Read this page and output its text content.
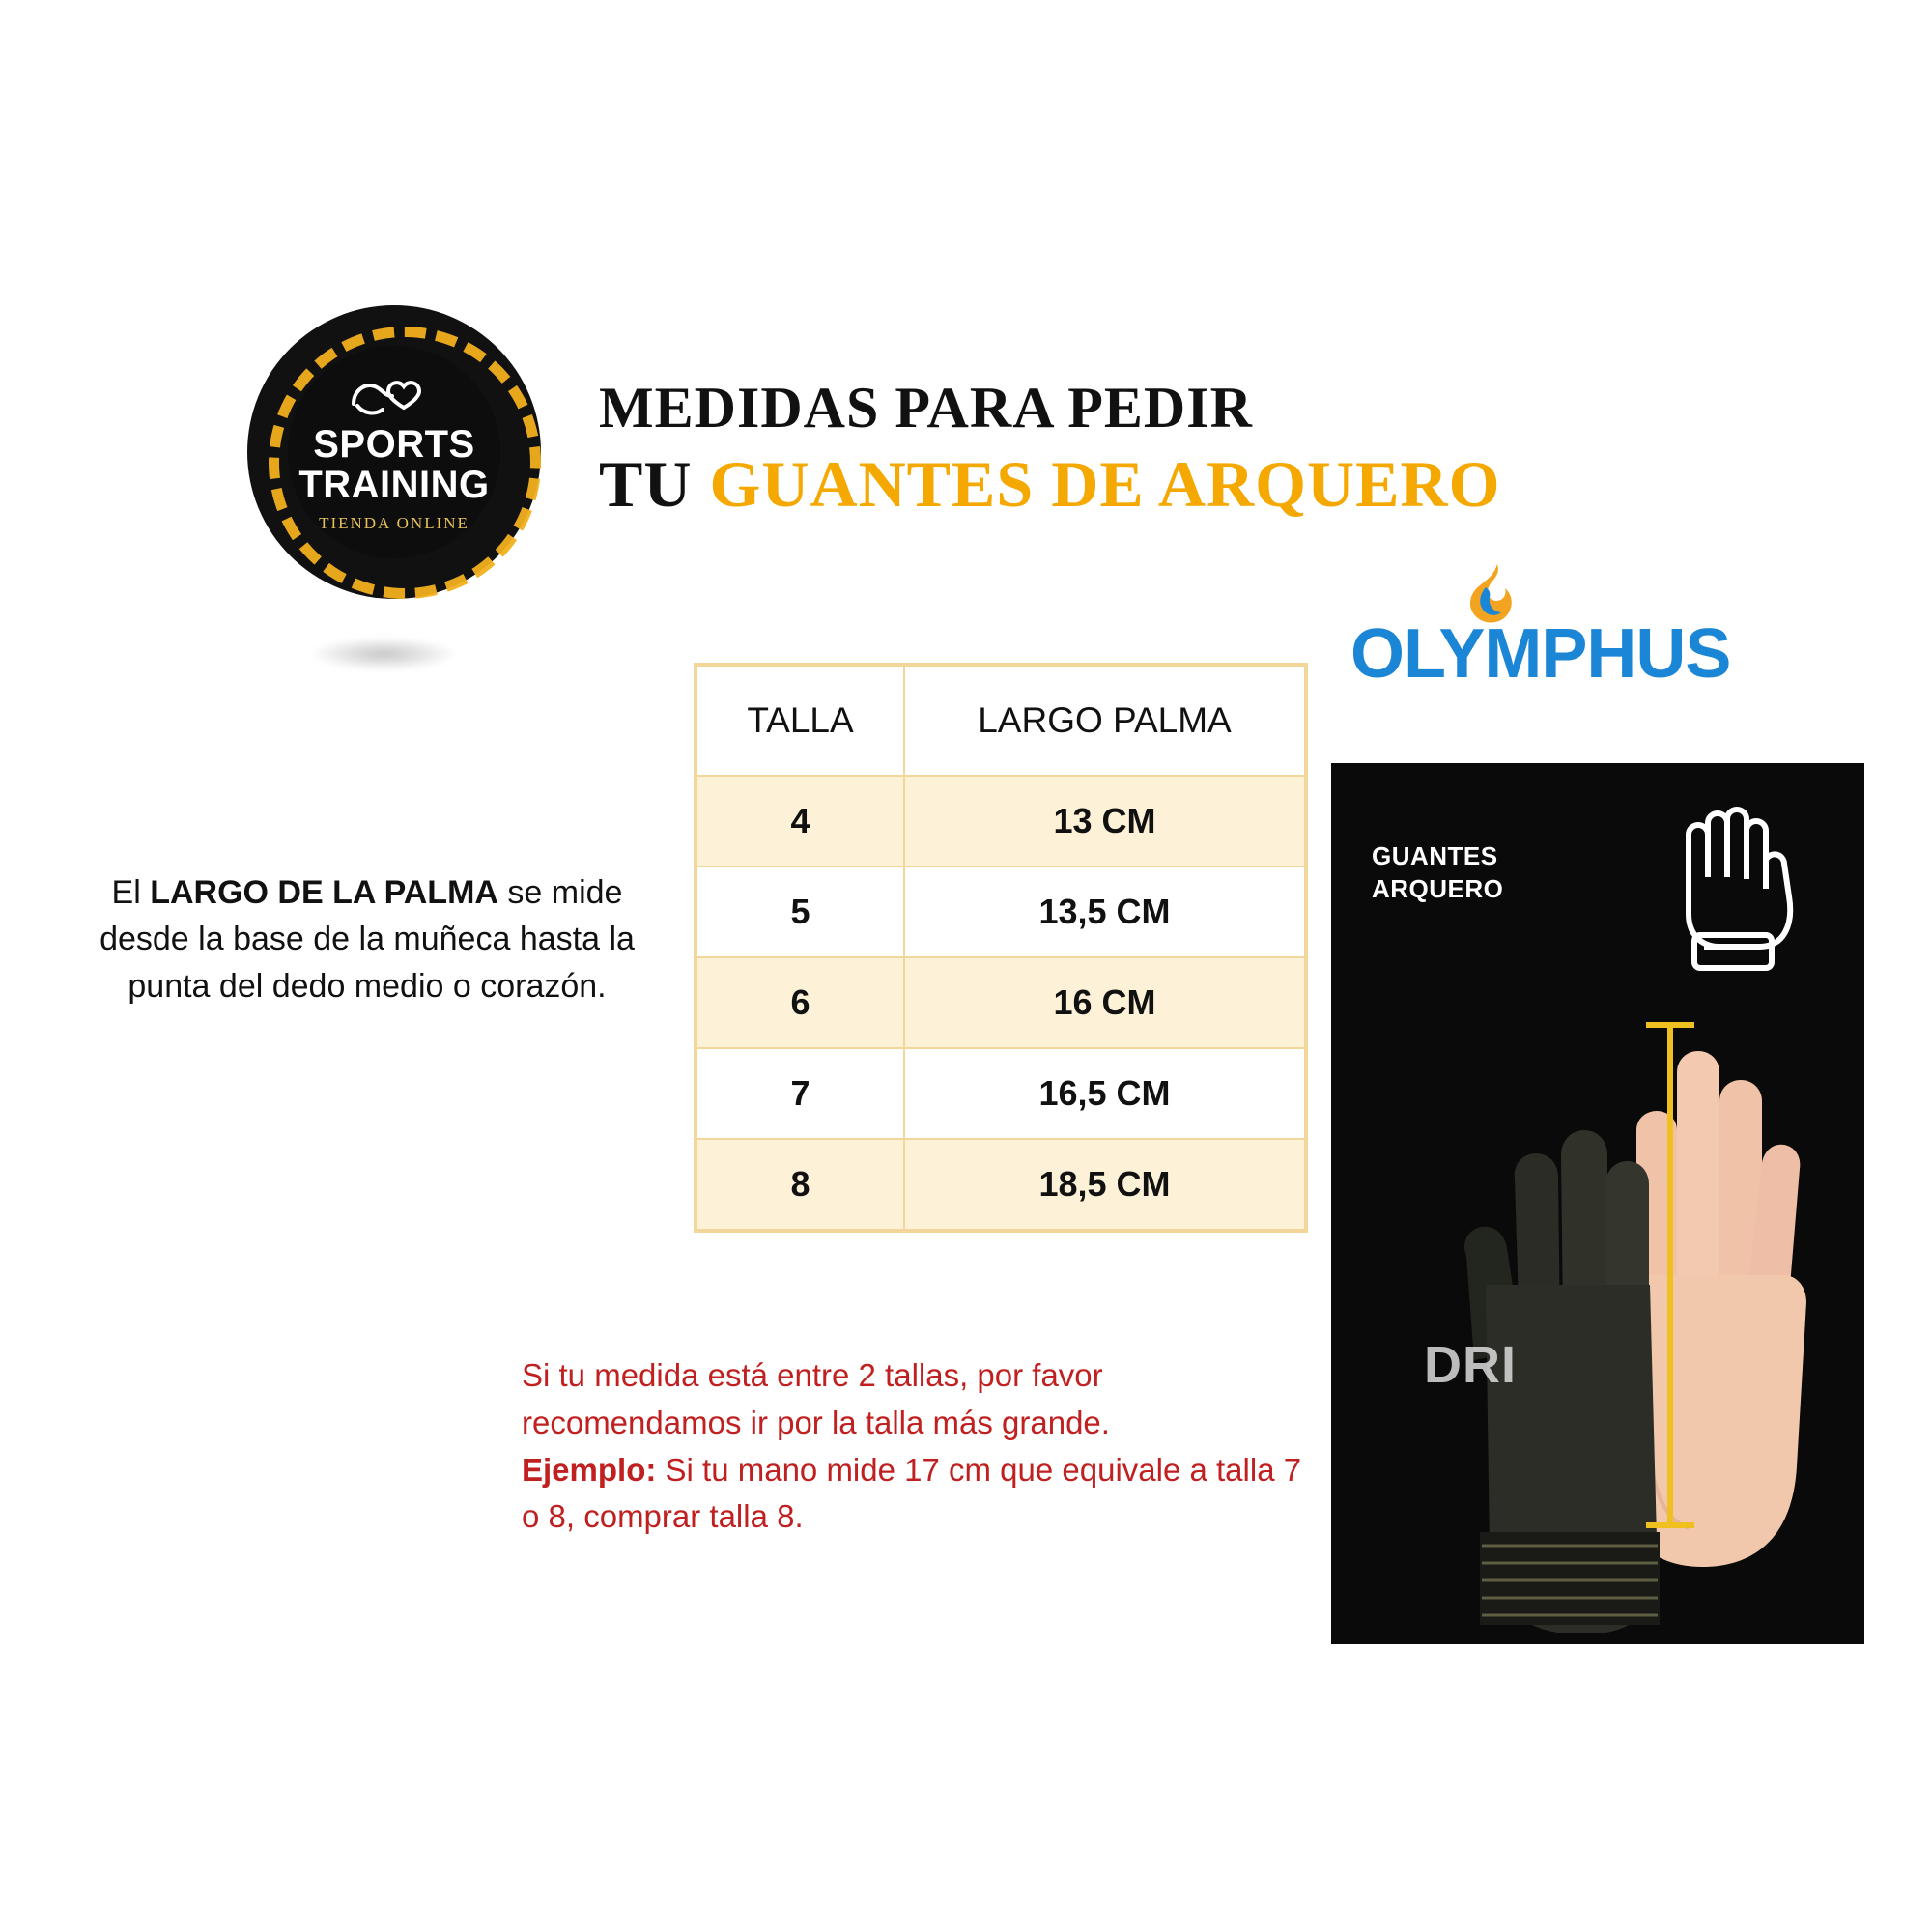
SPORTS
TRAINING
TIENDA ONLINE
MEDIDAS PARA PEDIR
TU GUANTES DE ARQUERO
OLYMPHUS
El LARGO DE LA PALMA se mide desde la base de la muñeca hasta la punta del dedo medio o corazón.
TALLA	LARGO PALMA
4	13 CM
5	13,5 CM
6	16 CM
7	16,5 CM
8	18,5 CM
Si tu medida está entre 2 tallas, por favor recomendamos ir por la talla más grande.
Ejemplo: Si tu mano mide 17 cm que equivale a talla 7 o 8, comprar talla 8.
GUANTES
ARQUERO
DRI
